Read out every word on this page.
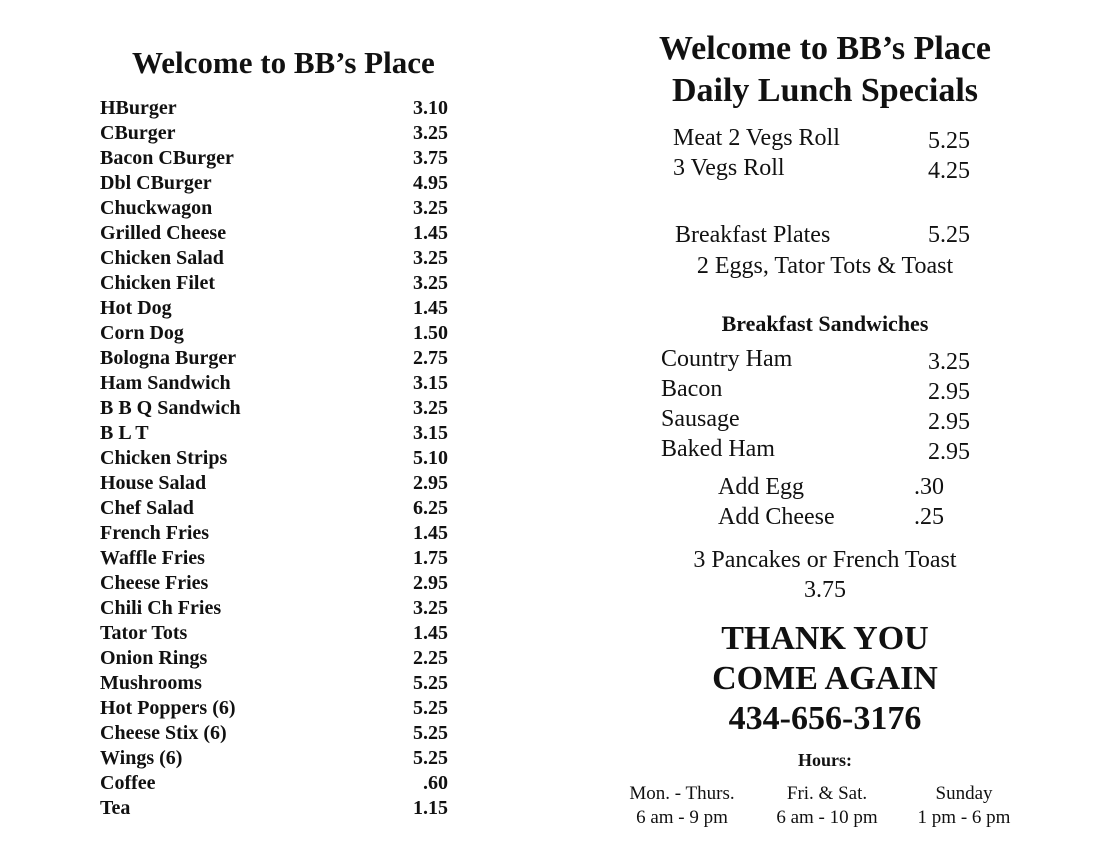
Welcome to BB’s Place
HBurger	3.10
CBurger	3.25
Bacon CBurger	3.75
Dbl CBurger	4.95
Chuckwagon	3.25
Grilled Cheese	1.45
Chicken Salad	3.25
Chicken Filet	3.25
Hot Dog	1.45
Corn Dog	1.50
Bologna Burger	2.75
Ham Sandwich	3.15
B B Q Sandwich	3.25
B L T	3.15
Chicken Strips	5.10
House Salad	2.95
Chef Salad	6.25
French Fries	1.45
Waffle Fries	1.75
Cheese Fries	2.95
Chili Ch Fries	3.25
Tator Tots	1.45
Onion Rings	2.25
Mushrooms	5.25
Hot Poppers (6)	5.25
Cheese Stix (6)	5.25
Wings (6)	5.25
Coffee	.60
Tea	1.15
Welcome to BB’s Place
Daily Lunch Specials
Meat 2 Vegs Roll	5.25
3 Vegs Roll	4.25
Breakfast Plates	5.25
2 Eggs, Tator Tots & Toast
Breakfast Sandwiches
Country Ham	3.25
Bacon	2.95
Sausage	2.95
Baked Ham	2.95
Add Egg	.30
Add Cheese	.25
3 Pancakes or French Toast
3.75
THANK YOU
COME AGAIN
434-656-3176
Hours:
Mon. - Thurs.
6 am - 9 pm
Fri. & Sat.
6 am - 10 pm
Sunday
1 pm - 6 pm
